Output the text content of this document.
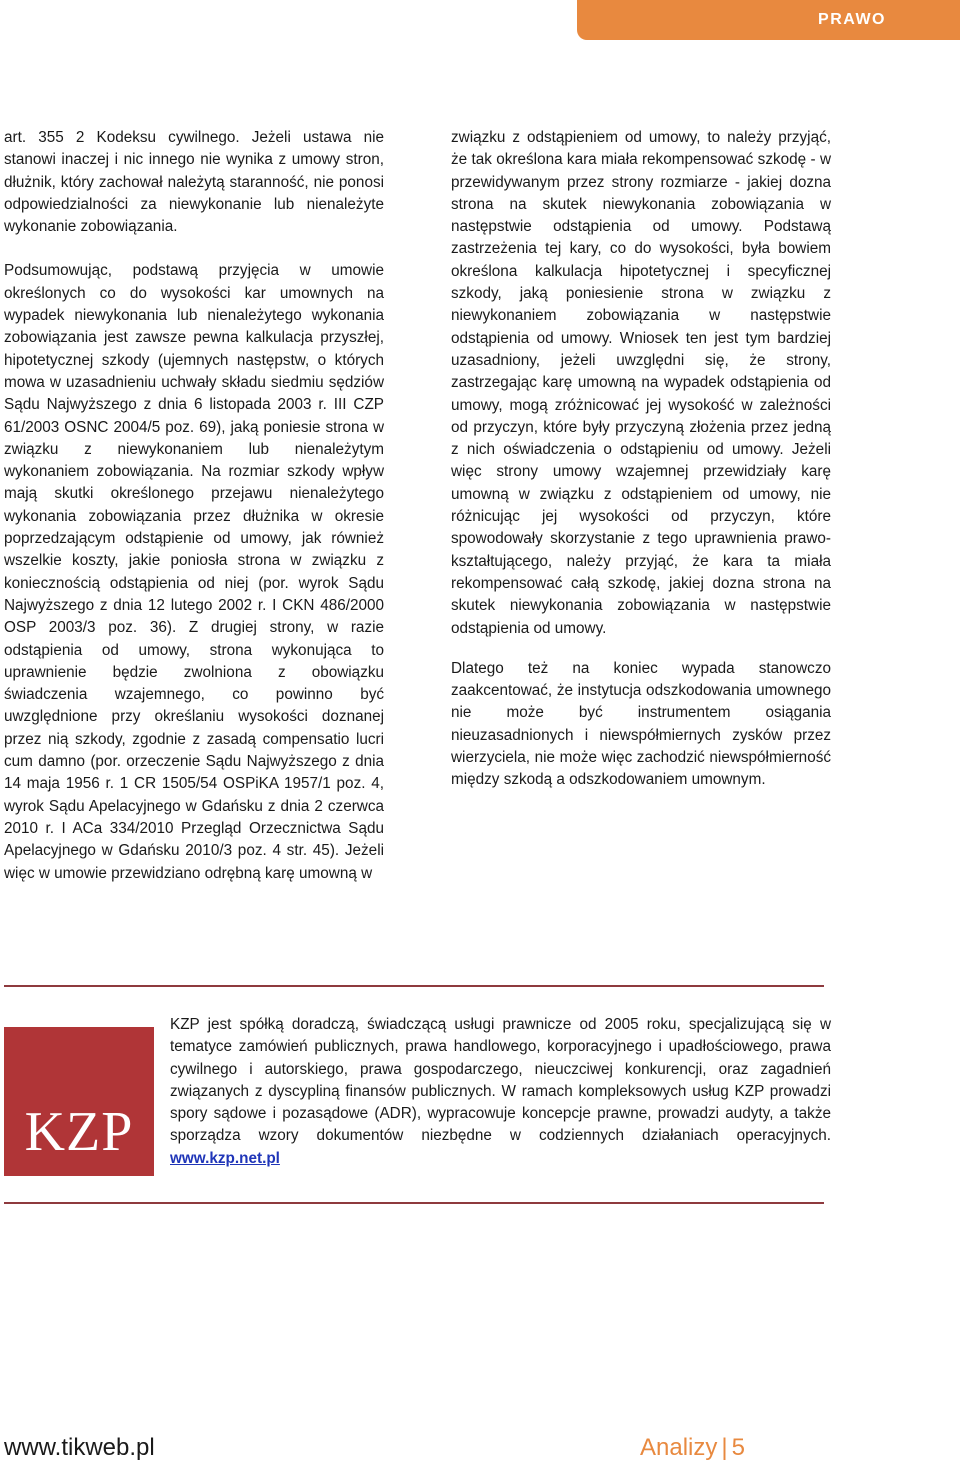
PRAWO

art. 355 2 Kodeksu cywilnego. Jeżeli ustawa nie stanowi inaczej i nic innego nie wynika z umowy stron, dłużnik, który zachował należytą staranność, nie ponosi odpowiedzialności za niewykonanie lub nienależyte wykonanie zobowiązania.

Podsumowując, podstawą przyjęcia w umowie określonych co do wysokości kar umownych na wypadek niewykonania lub nienależytego wykonania zobowiązania jest zawsze pewna kalkulacja przyszłej, hipotetycznej szkody (ujemnych następstw, o których mowa w uzasadnieniu uchwały składu siedmiu sędziów Sądu Najwyższego z dnia 6 listopada 2003 r. III CZP 61/2003 OSNC 2004/5 poz. 69), jaką poniesie strona w związku z niewykonaniem lub nienależytym wykonaniem zobowiązania. Na rozmiar szkody wpływ mają skutki określonego przejawu nienależytego wykonania zobowiązania przez dłużnika w okresie poprzedzającym odstąpienie od umowy, jak również wszelkie koszty, jakie poniosła strona w związku z koniecznością odstąpienia od niej (por. wyrok Sądu Najwyższego z dnia 12 lutego 2002 r. I CKN 486/2000 OSP 2003/3 poz. 36). Z drugiej strony, w razie odstąpienia od umowy, strona wykonująca to uprawnienie będzie zwolniona z obowiązku świadczenia wzajemnego, co powinno być uwzględnione przy określaniu wysokości doznanej przez nią szkody, zgodnie z zasadą compensatio lucri cum damno (por. orzeczenie Sądu Najwyższego z dnia 14 maja 1956 r. 1 CR 1505/54 OSPiKA 1957/1 poz. 4, wyrok Sądu Apelacyjnego w Gdańsku z dnia 2 czerwca 2010 r. I ACa 334/2010 Przegląd Orzecznictwa Sądu Apelacyjnego w Gdańsku 2010/3 poz. 4 str. 45). Jeżeli więc w umowie przewidziano odrębną karę umowną w

związku z odstąpieniem od umowy, to należy przyjąć, że tak określona kara miała rekompensować szkodę - w przewidywanym przez strony rozmiarze - jakiej dozna strona na skutek niewykonania zobowiązania w następstwie odstąpienia od umowy. Podstawą zastrzeżenia tej kary, co do wysokości, była bowiem określona kalkulacja hipotetycznej i specyficznej szkody, jaką poniesienie strona w związku z niewykonaniem zobowiązania w następstwie odstąpienia od umowy. Wniosek ten jest tym bardziej uzasadniony, jeżeli uwzględni się, że strony, zastrzegając karę umowną na wypadek odstąpienia od umowy, mogą zróżnicować jej wysokość w zależności od przyczyn, które były przyczyną złożenia przez jedną z nich oświadczenia o odstąpieniu od umowy. Jeżeli więc strony umowy wzajemnej przewidziały karę umowną w związku z odstąpieniem od umowy, nie różnicując jej wysokości od przyczyn, które spowodowały skorzystanie z tego uprawnienia prawo-kształtującego, należy przyjąć, że kara ta miała rekompensować całą szkodę, jakiej dozna strona na skutek niewykonania zobowiązania w następstwie odstąpienia od umowy.

Dlatego też na koniec wypada stanowczo zaakcentować, że instytucja odszkodowania umownego nie może być instrumentem osiągania nieuzasadnionych i niewspółmiernych zysków przez wierzyciela, nie może więc zachodzić niewspółmierność między szkodą a odszkodowaniem umownym.

KZP
KZP jest spółką doradczą, świadczącą usługi prawnicze od 2005 roku, specjalizującą się w tematyce zamówień publicznych, prawa handlowego, korporacyjnego i upadłościowego, prawa cywilnego i autorskiego, prawa gospodarczego, nieuczciwej konkurencji, oraz zagadnień związanych z dyscypliną finansów publicznych. W ramach kompleksowych usług KZP prowadzi spory sądowe i pozasądowe (ADR), wypracowuje koncepcje prawne, prowadzi audyty, a także sporządza wzory dokumentów niezbędne w codziennych działaniach operacyjnych. www.kzp.net.pl
www.tikweb.pl	Analizy | 5
